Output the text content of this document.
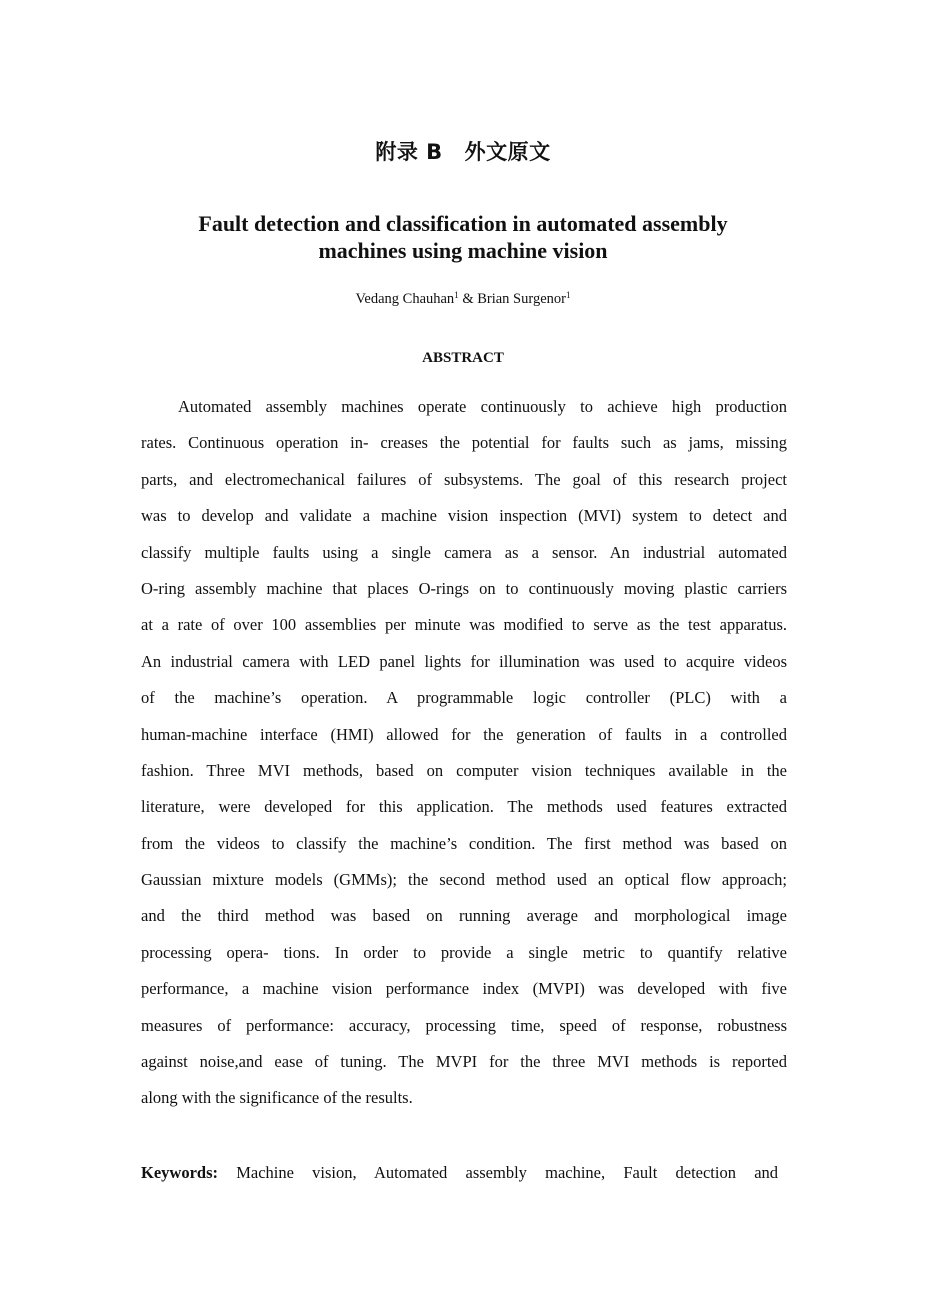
附录 B 外文原文
Fault detection and classification in automated assembly
machines using machine vision
Vedang Chauhan$^1$ & Brian Surgenor$^1$
ABSTRACT
Automated assembly machines operate continuously to achieve high production
rates. Continuous operation in- creases the potential for faults such as jams, missing
parts, and electromechanical failures of subsystems. The goal of this research project
was to develop and validate a machine vision inspection (MVI) system to detect and
classify multiple faults using a single camera as a sensor. An industrial automated
O-ring assembly machine that places O-rings on to continuously moving plastic carriers
at a rate of over 100 assemblies per minute was modified to serve as the test apparatus.
An industrial camera with LED panel lights for illumination was used to acquire videos
of the machine’s operation. A programmable logic controller (PLC) with a
human-machine interface (HMI) allowed for the generation of faults in a controlled
fashion. Three MVI methods, based on computer vision techniques available in the
literature, were developed for this application. The methods used features extracted
from the videos to classify the machine’s condition. The first method was based on
Gaussian mixture models (GMMs); the second method used an optical flow approach;
and the third method was based on running average and morphological image
processing opera- tions. In order to provide a single metric to quantify relative
performance, a machine vision performance index (MVPI) was developed with five
measures of performance: accuracy, processing time, speed of response, robustness
against noise,and ease of tuning. The MVPI for the three MVI methods is reported
along with the significance of the results.
Keywords: Machine vision, Automated assembly machine, Fault detection and
